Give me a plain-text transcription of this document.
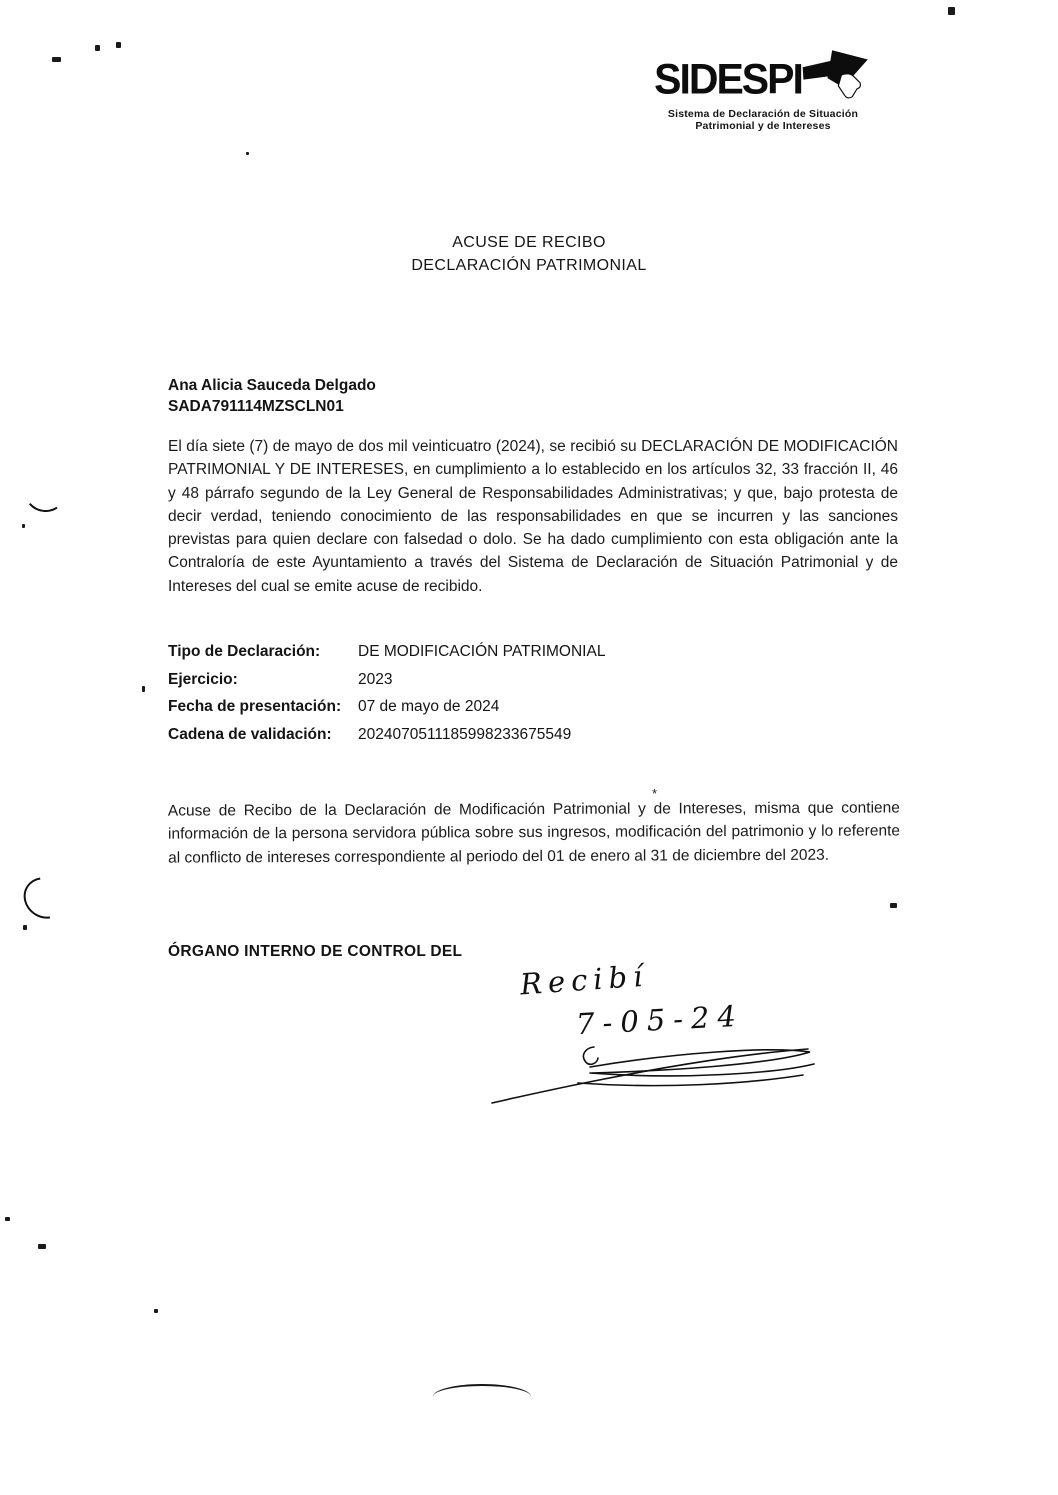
SIDESPI
Sistema de Declaración de Situación
Patrimonial y de Intereses
ACUSE DE RECIBO
DECLARACIÓN PATRIMONIAL
Ana Alicia Sauceda Delgado
SADA791114MZSCLN01
El día siete (7) de mayo de dos mil veinticuatro (2024), se recibió su DECLARACIÓN DE MODIFICACIÓN PATRIMONIAL Y DE INTERESES, en cumplimiento a lo establecido en los artículos 32, 33 fracción II, 46 y 48 párrafo segundo de la Ley General de Responsabilidades Administrativas; y que, bajo protesta de decir verdad, teniendo conocimiento de las responsabilidades en que se incurren y las sanciones previstas para quien declare con falsedad o dolo. Se ha dado cumplimiento con esta obligación ante la Contraloría de este Ayuntamiento a través del Sistema de Declaración de Situación Patrimonial y de Intereses del cual se emite acuse de recibido.
Tipo de Declaración:	DE MODIFICACIÓN PATRIMONIAL
Ejercicio:	2023
Fecha de presentación:	07 de mayo de 2024
Cadena de validación:	2024070511185998233675549
*
Acuse de Recibo de la Declaración de Modificación Patrimonial y de Intereses, misma que contiene información de la persona servidora pública sobre sus ingresos, modificación del patrimonio y lo referente al conflicto de intereses correspondiente al periodo del 01 de enero al 31 de diciembre del 2023.
ÓRGANO INTERNO DE CONTROL DEL
Recibí
7-05-24
